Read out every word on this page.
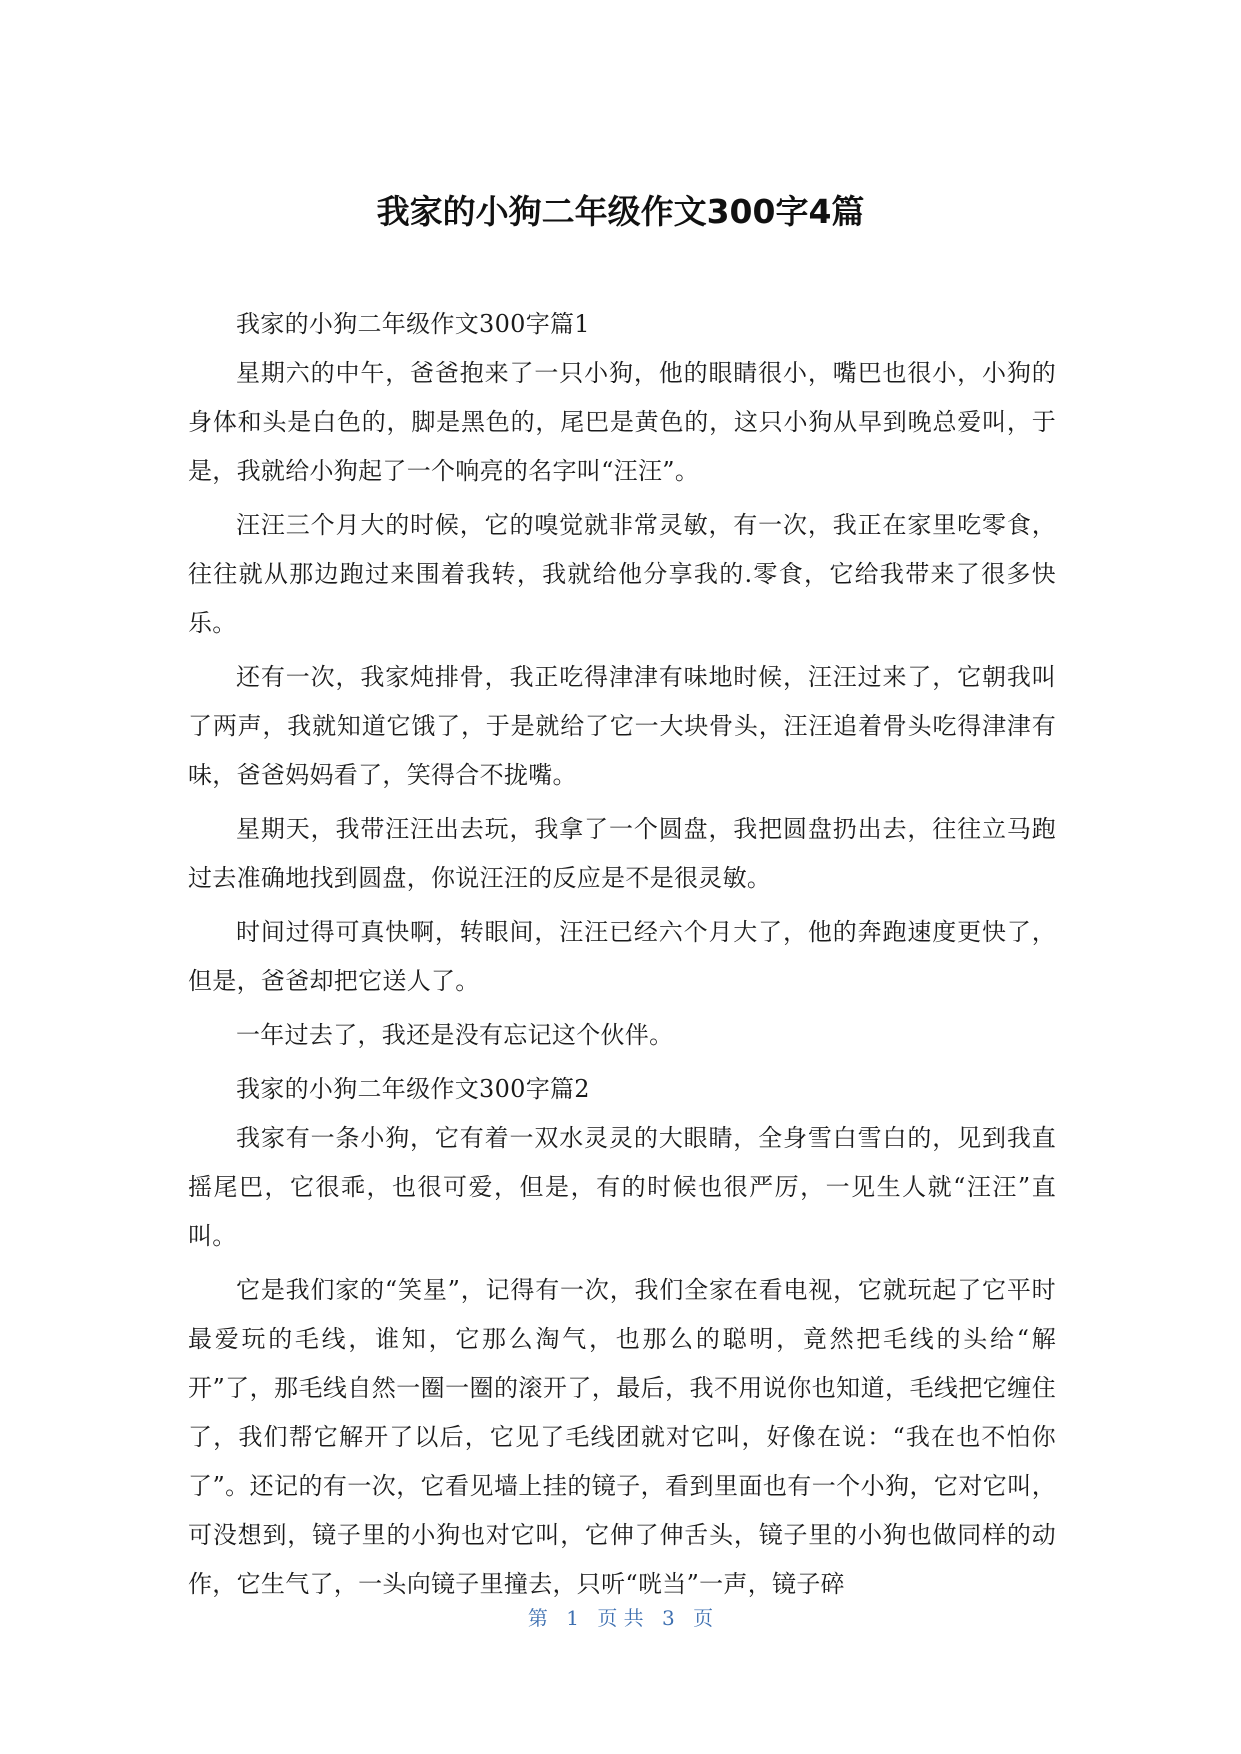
我家的小狗二年级作文300字4篇

我家的小狗二年级作文300字篇1

星期六的中午，爸爸抱来了一只小狗，他的眼睛很小，嘴巴也很小，小狗的身体和头是白色的，脚是黑色的，尾巴是黄色的，这只小狗从早到晚总爱叫，于是，我就给小狗起了一个响亮的名字叫“汪汪”。

汪汪三个月大的时候，它的嗅觉就非常灵敏，有一次，我正在家里吃零食，往往就从那边跑过来围着我转，我就给他分享我的.零食，它给我带来了很多快乐。

还有一次，我家炖排骨，我正吃得津津有味地时候，汪汪过来了，它朝我叫了两声，我就知道它饿了，于是就给了它一大块骨头，汪汪追着骨头吃得津津有味，爸爸妈妈看了，笑得合不拢嘴。

星期天，我带汪汪出去玩，我拿了一个圆盘，我把圆盘扔出去，往往立马跑过去准确地找到圆盘，你说汪汪的反应是不是很灵敏。

时间过得可真快啊，转眼间，汪汪已经六个月大了，他的奔跑速度更快了，但是，爸爸却把它送人了。

一年过去了，我还是没有忘记这个伙伴。

我家的小狗二年级作文300字篇2

我家有一条小狗，它有着一双水灵灵的大眼睛，全身雪白雪白的，见到我直摇尾巴，它很乖，也很可爱，但是，有的时候也很严厉，一见生人就“汪汪”直叫。

它是我们家的“笑星”，记得有一次，我们全家在看电视，它就玩起了它平时最爱玩的毛线，谁知，它那么淘气，也那么的聪明，竟然把毛线的头给“解开”了，那毛线自然一圈一圈的滚开了，最后，我不用说你也知道，毛线把它缠住了，我们帮它解开了以后，它见了毛线团就对它叫，好像在说：“我在也不怕你了”。还记的有一次，它看见墙上挂的镜子，看到里面也有一个小狗，它对它叫，可没想到，镜子里的小狗也对它叫，它伸了伸舌头，镜子里的小狗也做同样的动作，它生气了，一头向镜子里撞去，只听“咣当”一声，镜子碎

第 1 页 共 3 页
